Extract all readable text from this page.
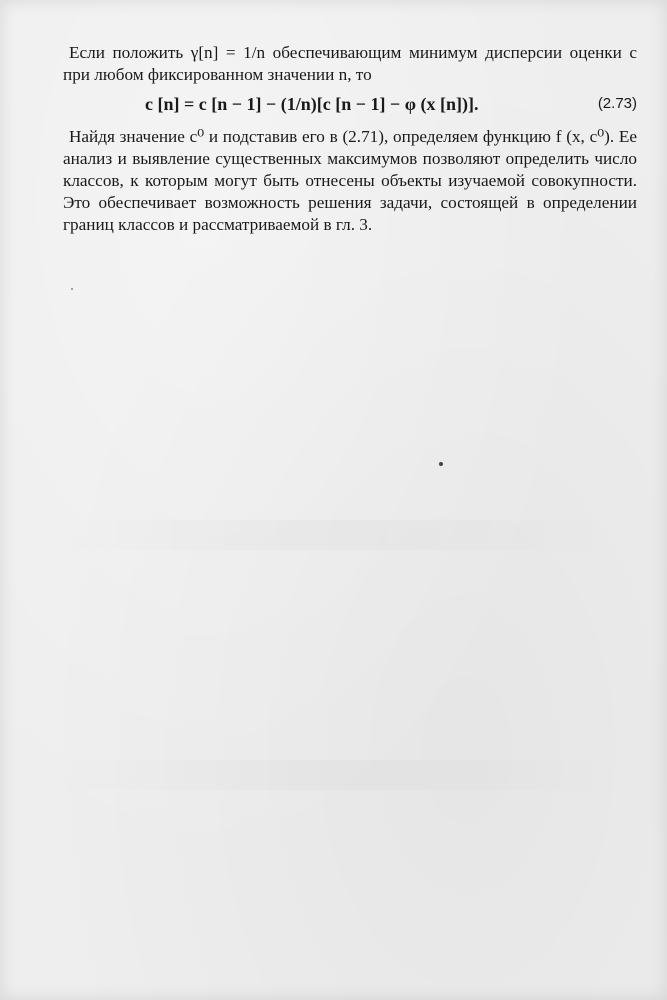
Если положить γ[n] = 1/n обеспечивающим минимум дисперсии оценки c при любом фиксированном значении n, то

c [n] = c [n − 1] − (1/n)[c [n − 1] − φ (x [n])].	(2.73)

Найдя значение c⁰ и подставив его в (2.71), определяем функцию f (x, c⁰). Ее анализ и выявление существенных максимумов позволяют определить число классов, к которым могут быть отнесены объекты изучаемой совокупности. Это обеспечивает возможность решения задачи, состоящей в определении границ классов и рассматриваемой в гл. 3.
